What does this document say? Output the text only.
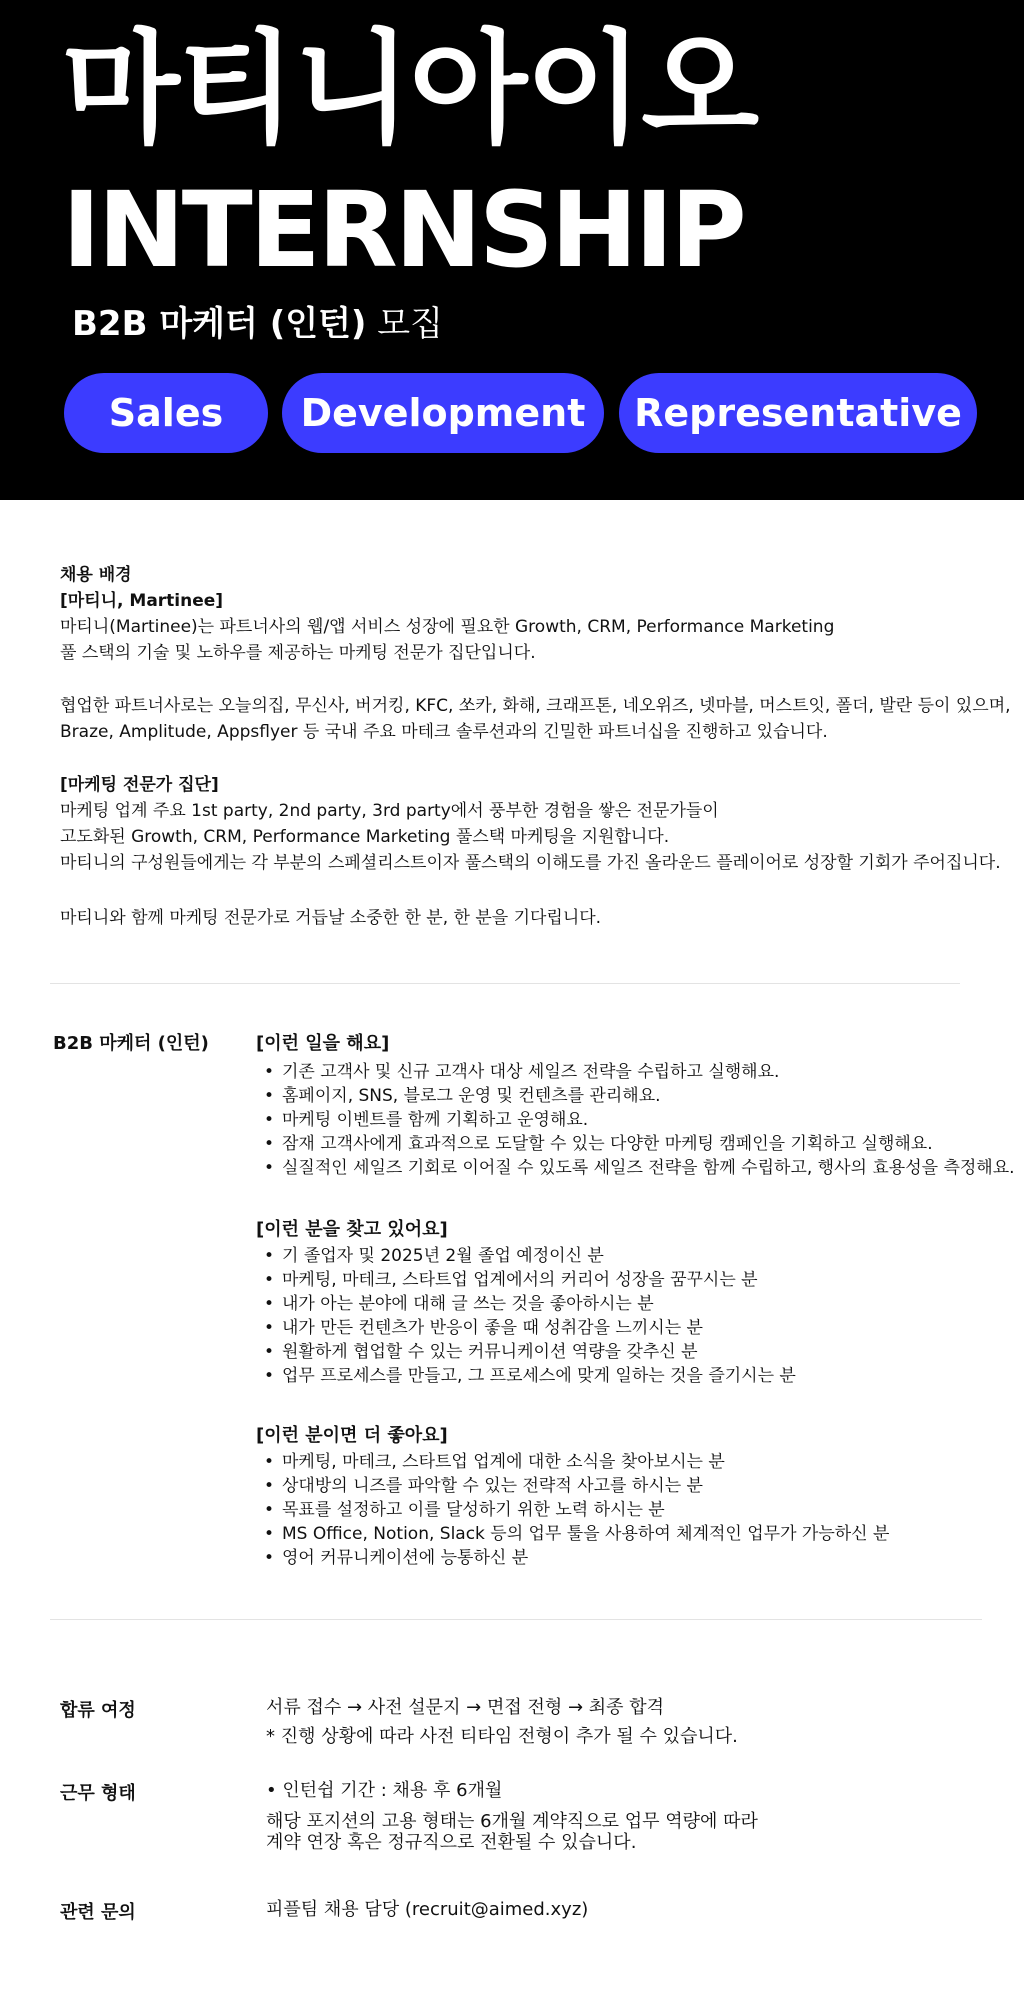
마티니아이오
INTERNSHIP
B2B 마케터 (인턴) 모집
Sales	Development	Representative
채용 배경
[마티니, Martinee]
마티니(Martinee)는 파트너사의 웹/앱 서비스 성장에 필요한 Growth, CRM, Performance Marketing
풀 스택의 기술 및 노하우를 제공하는 마케팅 전문가 집단입니다.
협업한 파트너사로는 오늘의집, 무신사, 버거킹, KFC, 쏘카, 화해, 크래프톤, 네오위즈, 넷마블, 머스트잇, 폴더, 발란 등이 있으며,
Braze, Amplitude, Appsflyer 등 국내 주요 마테크 솔루션과의 긴밀한 파트너십을 진행하고 있습니다.
[마케팅 전문가 집단]
마케팅 업계 주요 1st party, 2nd party, 3rd party에서 풍부한 경험을 쌓은 전문가들이
고도화된 Growth, CRM, Performance Marketing 풀스택 마케팅을 지원합니다.
마티니의 구성원들에게는 각 부분의 스페셜리스트이자 풀스택의 이해도를 가진 올라운드 플레이어로 성장할 기회가 주어집니다.
마티니와 함께 마케팅 전문가로 거듭날 소중한 한 분, 한 분을 기다립니다.
B2B 마케터 (인턴)	[이런 일을 해요]
• 기존 고객사 및 신규 고객사 대상 세일즈 전략을 수립하고 실행해요.
• 홈페이지, SNS, 블로그 운영 및 컨텐츠를 관리해요.
• 마케팅 이벤트를 함께 기획하고 운영해요.
• 잠재 고객사에게 효과적으로 도달할 수 있는 다양한 마케팅 캠페인을 기획하고 실행해요.
• 실질적인 세일즈 기회로 이어질 수 있도록 세일즈 전략을 함께 수립하고, 행사의 효용성을 측정해요.
[이런 분을 찾고 있어요]
• 기 졸업자 및 2025년 2월 졸업 예정이신 분
• 마케팅, 마테크, 스타트업 업계에서의 커리어 성장을 꿈꾸시는 분
• 내가 아는 분야에 대해 글 쓰는 것을 좋아하시는 분
• 내가 만든 컨텐츠가 반응이 좋을 때 성취감을 느끼시는 분
• 원활하게 협업할 수 있는 커뮤니케이션 역량을 갖추신 분
• 업무 프로세스를 만들고, 그 프로세스에 맞게 일하는 것을 즐기시는 분
[이런 분이면 더 좋아요]
• 마케팅, 마테크, 스타트업 업계에 대한 소식을 찾아보시는 분
• 상대방의 니즈를 파악할 수 있는 전략적 사고를 하시는 분
• 목표를 설정하고 이를 달성하기 위한 노력 하시는 분
• MS Office, Notion, Slack 등의 업무 툴을 사용하여 체계적인 업무가 가능하신 분
• 영어 커뮤니케이션에 능통하신 분
합류 여정	서류 접수 → 사전 설문지 → 면접 전형 → 최종 합격
* 진행 상황에 따라 사전 티타임 전형이 추가 될 수 있습니다.
근무 형태	• 인턴쉽 기간 : 채용 후 6개월
해당 포지션의 고용 형태는 6개월 계약직으로 업무 역량에 따라
계약 연장 혹은 정규직으로 전환될 수 있습니다.
관련 문의	피플팀 채용 담당 (recruit@aimed.xyz)
